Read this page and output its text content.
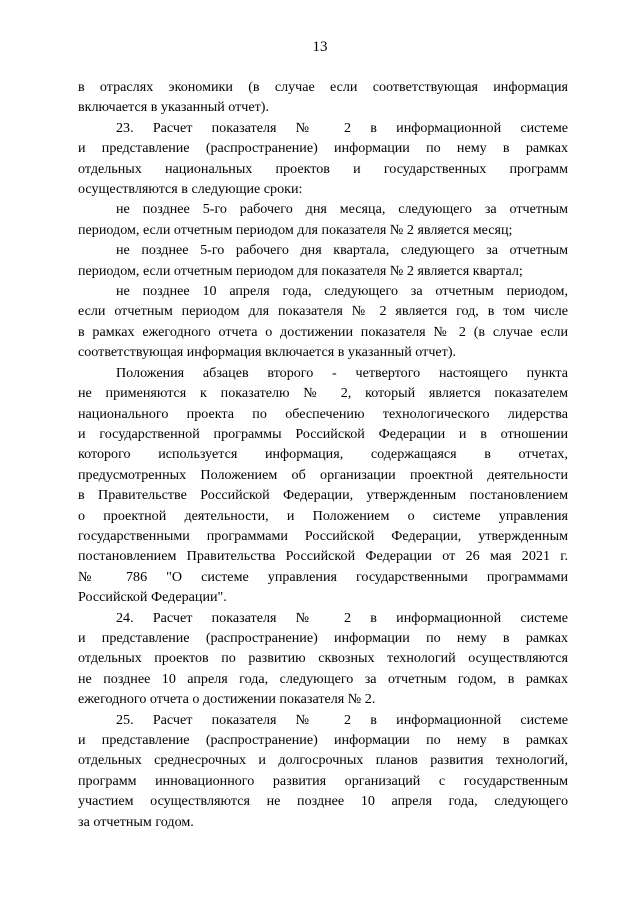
13
в отраслях экономики (в случае если соответствующая информация
включается в указанный отчет).
23. Расчет показателя № 2 в информационной системе
и представление (распространение) информации по нему в рамках
отдельных национальных проектов и государственных программ
осуществляются в следующие сроки:
не позднее 5-го рабочего дня месяца, следующего за отчетным
периодом, если отчетным периодом для показателя № 2 является месяц;
не позднее 5-го рабочего дня квартала, следующего за отчетным
периодом, если отчетным периодом для показателя № 2 является квартал;
не позднее 10 апреля года, следующего за отчетным периодом,
если отчетным периодом для показателя № 2 является год, в том числе
в рамках ежегодного отчета о достижении показателя № 2 (в случае если
соответствующая информация включается в указанный отчет).
Положения абзацев второго - четвертого настоящего пункта
не применяются к показателю № 2, который является показателем
национального проекта по обеспечению технологического лидерства
и государственной программы Российской Федерации и в отношении
которого используется информация, содержащаяся в отчетах,
предусмотренных Положением об организации проектной деятельности
в Правительстве Российской Федерации, утвержденным постановлением
о проектной деятельности, и Положением о системе управления
государственными программами Российской Федерации, утвержденным
постановлением Правительства Российской Федерации от 26 мая 2021 г.
№ 786 "О системе управления государственными программами
Российской Федерации".
24. Расчет показателя № 2 в информационной системе
и представление (распространение) информации по нему в рамках
отдельных проектов по развитию сквозных технологий осуществляются
не позднее 10 апреля года, следующего за отчетным годом, в рамках
ежегодного отчета о достижении показателя № 2.
25. Расчет показателя № 2 в информационной системе
и представление (распространение) информации по нему в рамках
отдельных среднесрочных и долгосрочных планов развития технологий,
программ инновационного развития организаций с государственным
участием осуществляются не позднее 10 апреля года, следующего
за отчетным годом.
